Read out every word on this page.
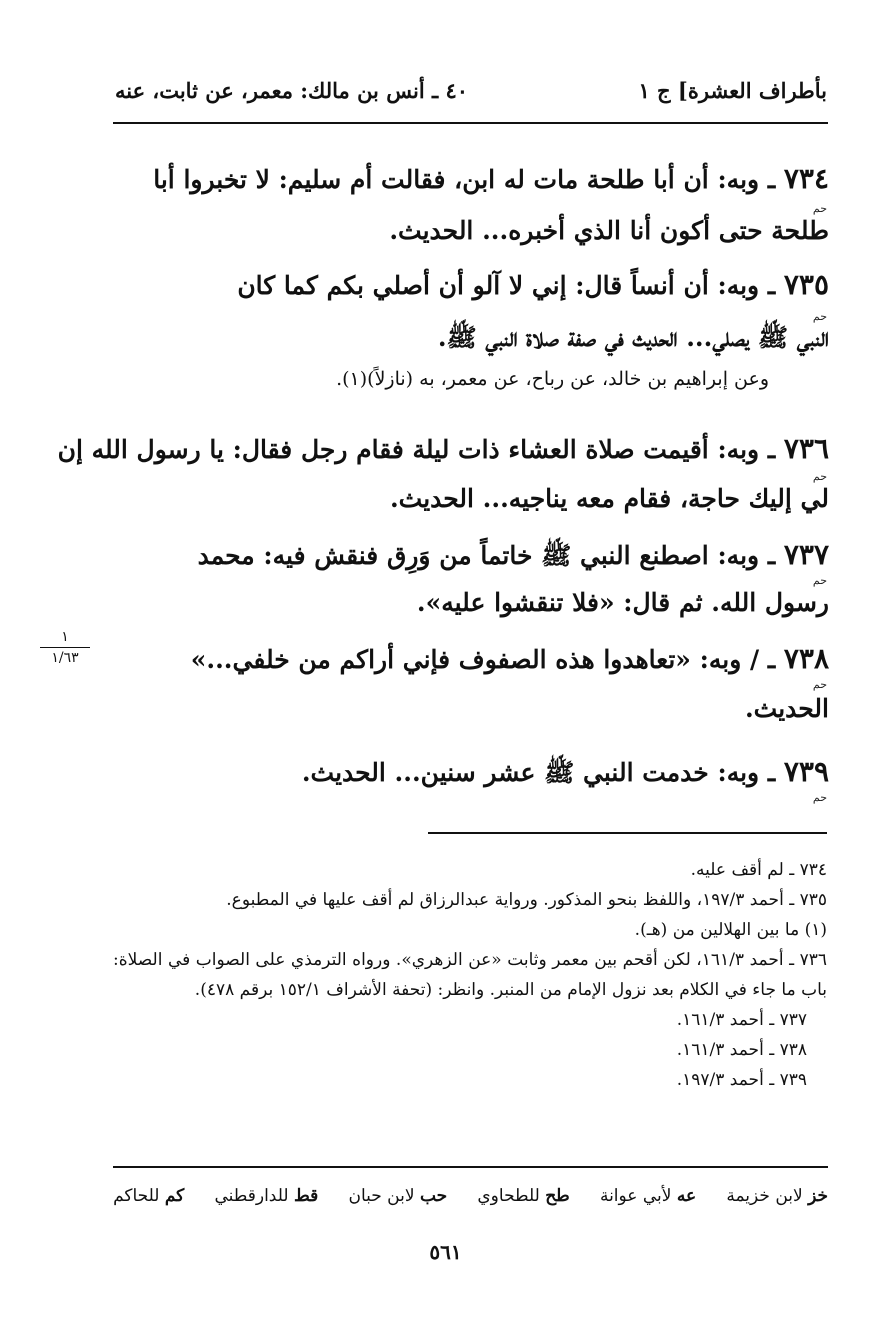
بأطراف العشرة] ج ١
٤٠ ـ أنس بن مالك: معمر، عن ثابت، عنه
٧٣٤ ـ وبه: أن أبا طلحة مات له ابن، فقالت أم سليم: لا تخبروا أبا
حم
طلحة حتى أكون أنا الذي أخبره... الحديث.
٧٣٥ ـ وبه: أن أنساً قال: إني لا آلو أن أصلي بكم كما كان
حم
النبي ﷺ يصلي... الحديث في صفة صلاة النبي ﷺ.
وعن إبراهيم بن خالد، عن رباح، عن معمر، به (نازلاً)(١).
٧٣٦ ـ وبه: أقيمت صلاة العشاء ذات ليلة فقام رجل فقال: يا رسول الله إن
حم
لي إليك حاجة، فقام معه يناجيه... الحديث.
٧٣٧ ـ وبه: اصطنع النبي ﷺ خاتماً من وَرِق فنقش فيه: محمد
حم
رسول الله. ثم قال: «فلا تنقشوا عليه».
٧٣٨ ـ / وبه: «تعاهدوا هذه الصفوف فإني أراكم من خلفي...»
حم
الحديث.
١
١/٦٣
٧٣٩ ـ وبه: خدمت النبي ﷺ عشر سنين... الحديث.
حم
٧٣٤ ـ لم أقف عليه.
٧٣٥ ـ أحمد ١٩٧/٣، واللفظ بنحو المذكور. ورواية عبدالرزاق لم أقف عليها في المطبوع.
(١) ما بين الهلالين من (هـ).
٧٣٦ ـ أحمد ١٦١/٣، لكن أقحم بين معمر وثابت «عن الزهري». ورواه الترمذي على الصواب في الصلاة: باب ما جاء في الكلام بعد نزول الإمام من المنبر. وانظر: (تحفة الأشراف ١٥٢/١ برقم ٤٧٨).
٧٣٧ ـ أحمد ١٦١/٣.
٧٣٨ ـ أحمد ١٦١/٣.
٧٣٩ ـ أحمد ١٩٧/٣.
خز لابن خزيمة
عه لأبي عوانة
طح للطحاوي
حب لابن حبان
قط للدارقطني
كم للحاكم
٥٦١
